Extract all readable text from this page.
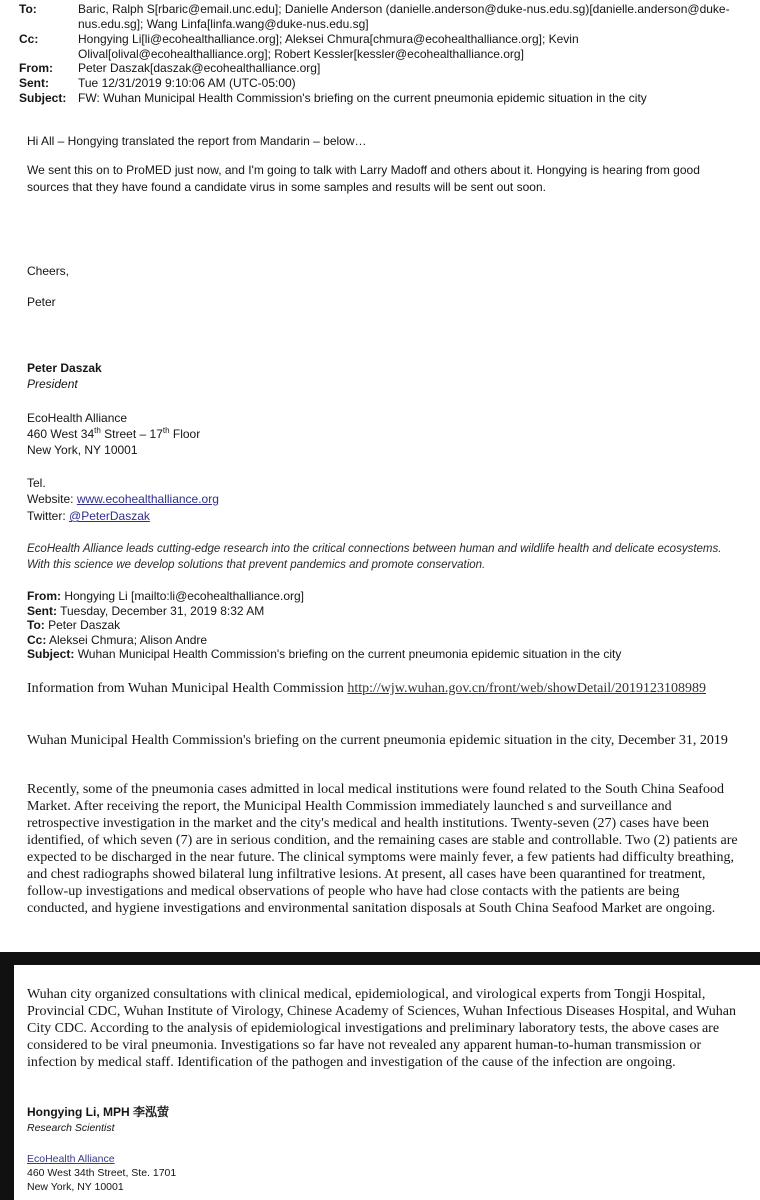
To:	Baric, Ralph S[rbaric@email.unc.edu]; Danielle Anderson (danielle.anderson@duke-nus.edu.sg)[danielle.anderson@duke-nus.edu.sg]; Wang Linfa[linfa.wang@duke-nus.edu.sg]
Cc:	Hongying Li[li@ecohealthalliance.org]; Aleksei Chmura[chmura@ecohealthalliance.org]; Kevin Olival[olival@ecohealthalliance.org]; Robert Kessler[kessler@ecohealthalliance.org]
From:	Peter Daszak[daszak@ecohealthalliance.org]
Sent:	Tue 12/31/2019 9:10:06 AM (UTC-05:00)
Subject: FW: Wuhan Municipal Health Commission's briefing on the current pneumonia epidemic situation in the city
Hi All – Hongying translated the report from Mandarin – below…
We sent this on to ProMED just now, and I'm going to talk with Larry Madoff and others about it. Hongying is hearing from good sources that they have found a candidate virus in some samples and results will be sent out soon.
Cheers,
Peter
Peter Daszak
President
EcoHealth Alliance
460 West 34th Street – 17th Floor
New York, NY 10001
Tel.
Website: www.ecohealthalliance.org
Twitter: @PeterDaszak
EcoHealth Alliance leads cutting-edge research into the critical connections between human and wildlife health and delicate ecosystems. With this science we develop solutions that prevent pandemics and promote conservation.
From: Hongying Li [mailto:li@ecohealthalliance.org]
Sent: Tuesday, December 31, 2019 8:32 AM
To: Peter Daszak
Cc: Aleksei Chmura; Alison Andre
Subject: Wuhan Municipal Health Commission's briefing on the current pneumonia epidemic situation in the city
Information from Wuhan Municipal Health Commission http://wjw.wuhan.gov.cn/front/web/showDetail/2019123108989
Wuhan Municipal Health Commission's briefing on the current pneumonia epidemic situation in the city, December 31, 2019
Recently, some of the pneumonia cases admitted in local medical institutions were found related to the South China Seafood Market. After receiving the report, the Municipal Health Commission immediately launched s and surveillance and retrospective investigation in the market and the city's medical and health institutions. Twenty-seven (27) cases have been identified, of which seven (7) are in serious condition, and the remaining cases are stable and controllable. Two (2) patients are expected to be discharged in the near future. The clinical symptoms were mainly fever, a few patients had difficulty breathing, and chest radiographs showed bilateral lung infiltrative lesions. At present, all cases have been quarantined for treatment, follow-up investigations and medical observations of people who have had close contacts with the patients are being conducted, and hygiene investigations and environmental sanitation disposals at South China Seafood Market are ongoing.
Wuhan city organized consultations with clinical medical, epidemiological, and virological experts from Tongji Hospital, Provincial CDC, Wuhan Institute of Virology, Chinese Academy of Sciences, Wuhan Infectious Diseases Hospital, and Wuhan City CDC. According to the analysis of epidemiological investigations and preliminary laboratory tests, the above cases are considered to be viral pneumonia. Investigations so far have not revealed any apparent human-to-human transmission or infection by medical staff. Identification of the pathogen and investigation of the cause of the infection are ongoing.
Hongying Li, MPH 李泓萤
Research Scientist
EcoHealth Alliance
460 West 34th Street, Ste. 1701
New York, NY 10001
